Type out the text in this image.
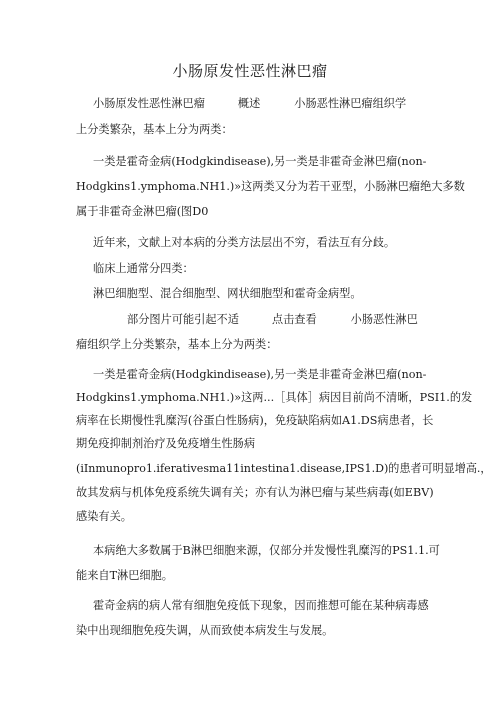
小肠原发性恶性淋巴瘤
小肠原发性恶性淋巴瘤	概述	小肠恶性淋巴瘤组织学
上分类繁杂，基本上分为两类：
一类是霍奇金病(Hodgkindisease),另一类是非霍奇金淋巴瘤(non-
Hodgkins1.ymphoma.NH1.)»这两类又分为若干亚型，小肠淋巴瘤绝大多数
属于非霍奇金淋巴瘤(图D0
近年来，文献上对本病的分类方法层出不穷，看法互有分歧。
临床上通常分四类：
淋巴细胞型、混合细胞型、网状细胞型和霍奇金病型。
部分图片可能引起不适	点击查看	小肠恶性淋巴
瘤组织学上分类繁杂，基本上分为两类：
一类是霍奇金病(Hodgkindisease),另一类是非霍奇金淋巴瘤(non-
Hodgkins1.ymphoma.NH1.)»这两...［具体］病因目前尚不清晰，PSI1.的发
病率在长期慢性乳糜泻(谷蛋白性肠病)，免疫缺陷病如A1.DS病患者，长
期免疫抑制剂治疗及免疫增生性肠病
(iInmunopro1.iferativesma11intestina1.disease,IPS1.D)的患者可明显增高.，
故其发病与机体免疫系统失调有关；亦有认为淋巴瘤与某些病毒(如EBV)
感染有关。
本病绝大多数属于B淋巴细胞来源，仅部分并发慢性乳糜泻的PS1.1.可
能来自T淋巴细胞。
霍奇金病的病人常有细胞免疫低下现象，因而推想可能在某种病毒感
染中出现细胞免疫失调，从而致使本病发生与发展。
